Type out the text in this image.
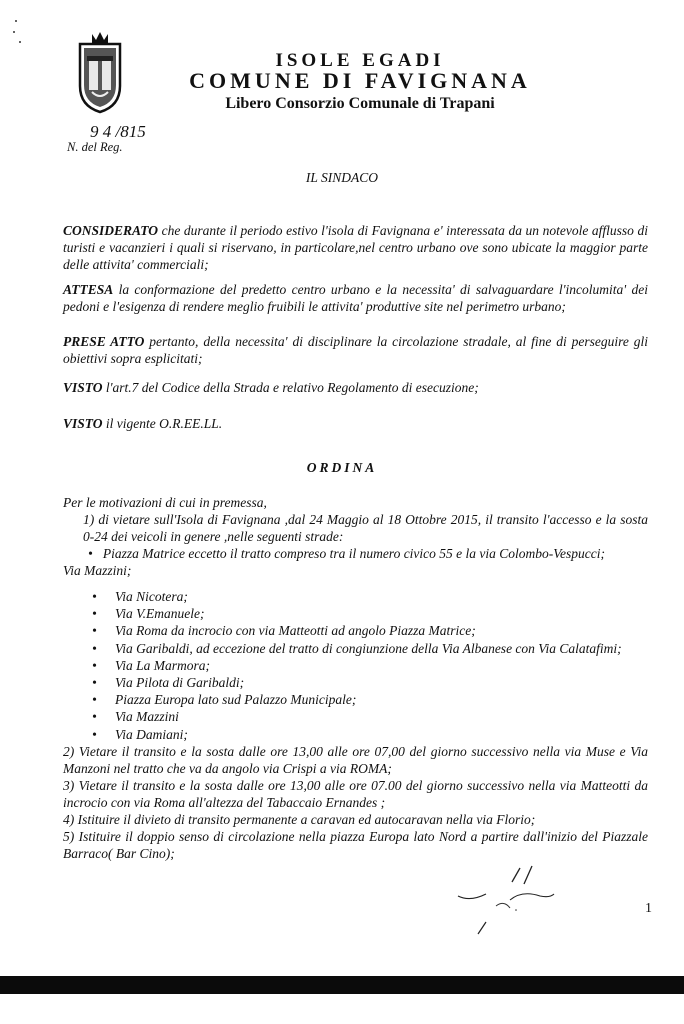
ISOLE EGADI
COMUNE DI FAVIGNANA
Libero Consorzio Comunale di Trapani
9 4 /815
N. del Reg.
IL SINDACO
CONSIDERATO che durante il periodo estivo l'isola di Favignana e' interessata da un notevole afflusso di turisti e vacanzieri i quali si riservano, in particolare,nel centro urbano ove sono ubicate la maggior parte delle attivita' commerciali;
ATTESA la conformazione del predetto centro urbano e la necessita' di salvaguardare l'incolumita' dei pedoni e l'esigenza di rendere meglio fruibili le attivita' produttive site nel perimetro urbano;
PRESE ATTO pertanto, della necessita' di disciplinare la circolazione stradale, al fine di perseguire gli obiettivi sopra esplicitati;
VISTO l'art.7 del Codice della Strada e relativo Regolamento di esecuzione;
VISTO il vigente O.R.EE.LL.
ORDINA
Per le motivazioni di cui in premessa,
1) di vietare sull'Isola di Favignana ,dal 24 Maggio al 18 Ottobre 2015, il transito l'accesso e la sosta 0-24 dei veicoli in genere ,nelle seguenti strade:
•   Piazza Matrice eccetto il tratto compreso tra il numero civico 55 e la via Colombo-Vespucci;
Via Mazzini;
• Via Nicotera;
• Via V.Emanuele;
• Via Roma da incrocio con via Matteotti ad angolo Piazza Matrice;
• Via Garibaldi, ad eccezione del tratto di congiunzione della Via Albanese con Via Calatafimi;
• Via La Marmora;
• Via Pilota di Garibaldi;
• Piazza Europa lato sud Palazzo Municipale;
• Via Mazzini
• Via Damiani;
2) Vietare il transito e la sosta dalle ore 13,00 alle ore 07,00 del giorno successivo nella via Muse e Via Manzoni nel tratto che va da angolo via Crispi a via ROMA;
3) Vietare il transito e la sosta dalle ore 13,00 alle ore 07.00 del giorno successivo nella via Matteotti da incrocio con via Roma all'altezza del Tabaccaio Ernandes ;
4) Istituire il divieto di transito permanente a caravan ed autocaravan nella via Florio;
5) Istituire il doppio senso di circolazione nella piazza Europa lato Nord a partire dall'inizio del Piazzale Barraco( Bar Cino);
1
